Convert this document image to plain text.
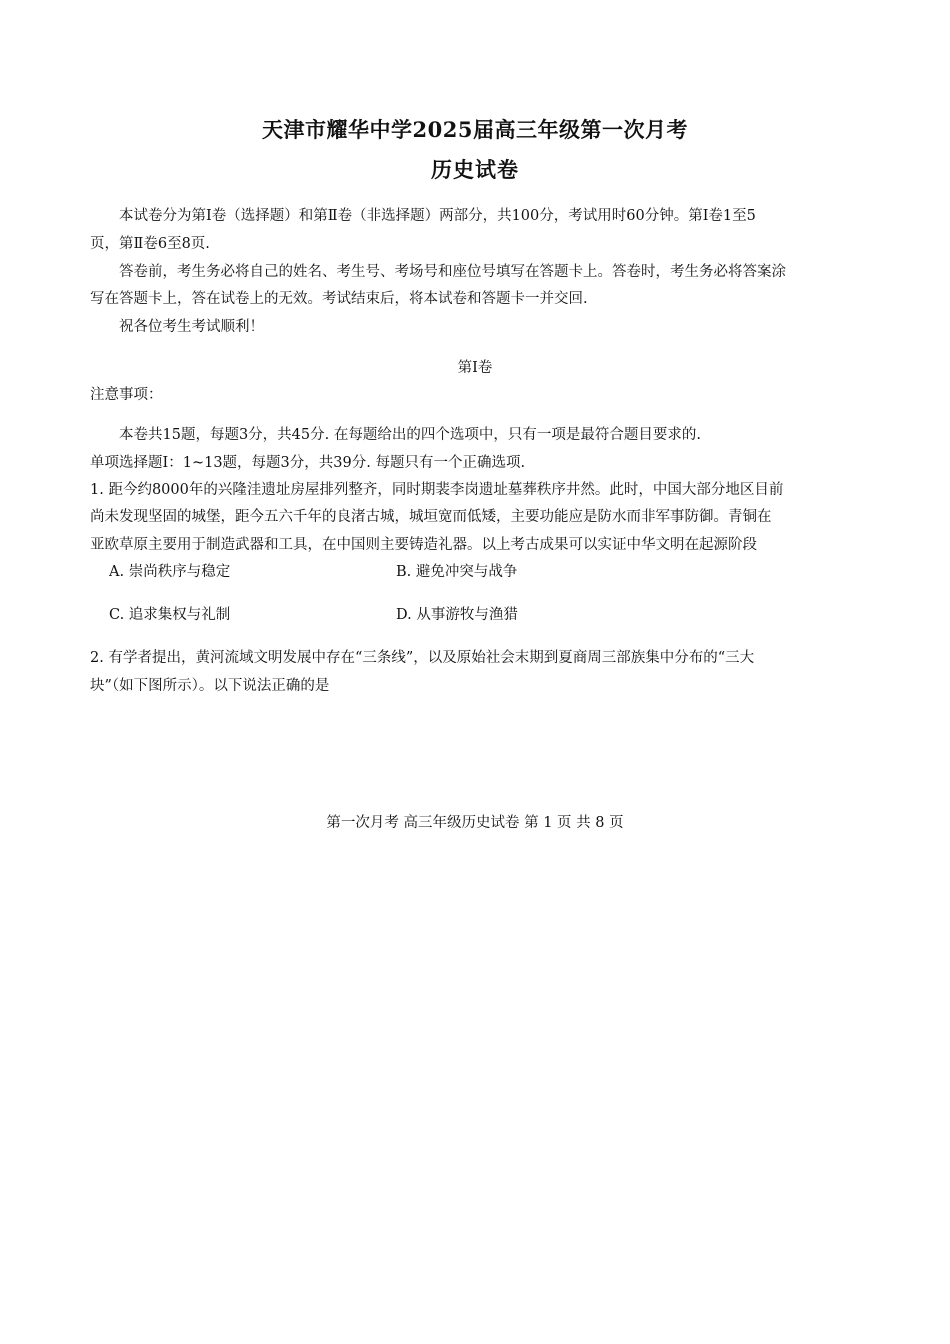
天津市耀华中学2025届高三年级第一次月考
历史试卷
本试卷分为第Ⅰ卷（选择题）和第Ⅱ卷（非选择题）两部分，共100分，考试用时60分钟。第Ⅰ卷1至5
页，第Ⅱ卷6至8页.
答卷前，考生务必将自己的姓名、考生号、考场号和座位号填写在答题卡上。答卷时，考生务必将答案涂
写在答题卡上，答在试卷上的无效。考试结束后，将本试卷和答题卡一并交回.
祝各位考生考试顺利！
第Ⅰ卷
注意事项：
本卷共15题，每题3分，共45分. 在每题给出的四个选项中，只有一项是最符合题目要求的.
单项选择题Ⅰ：1~13题，每题3分，共39分. 每题只有一个正确选项.
1. 距今约8000年的兴隆洼遗址房屋排列整齐，同时期裴李岗遗址墓葬秩序井然。此时，中国大部分地区目前
尚未发现坚固的城堡，距今五六千年的良渚古城，城垣宽而低矮，主要功能应是防水而非军事防御。青铜在
亚欧草原主要用于制造武器和工具，在中国则主要铸造礼器。以上考古成果可以实证中华文明在起源阶段
A. 崇尚秩序与稳定	B. 避免冲突与战争
C. 追求集权与礼制	D. 从事游牧与渔猎
2. 有学者提出，黄河流域文明发展中存在“三条线”，以及原始社会末期到夏商周三部族集中分布的“三大
块”（如下图所示）。以下说法正确的是
第一次月考 高三年级历史试卷 第 1 页 共 8 页
